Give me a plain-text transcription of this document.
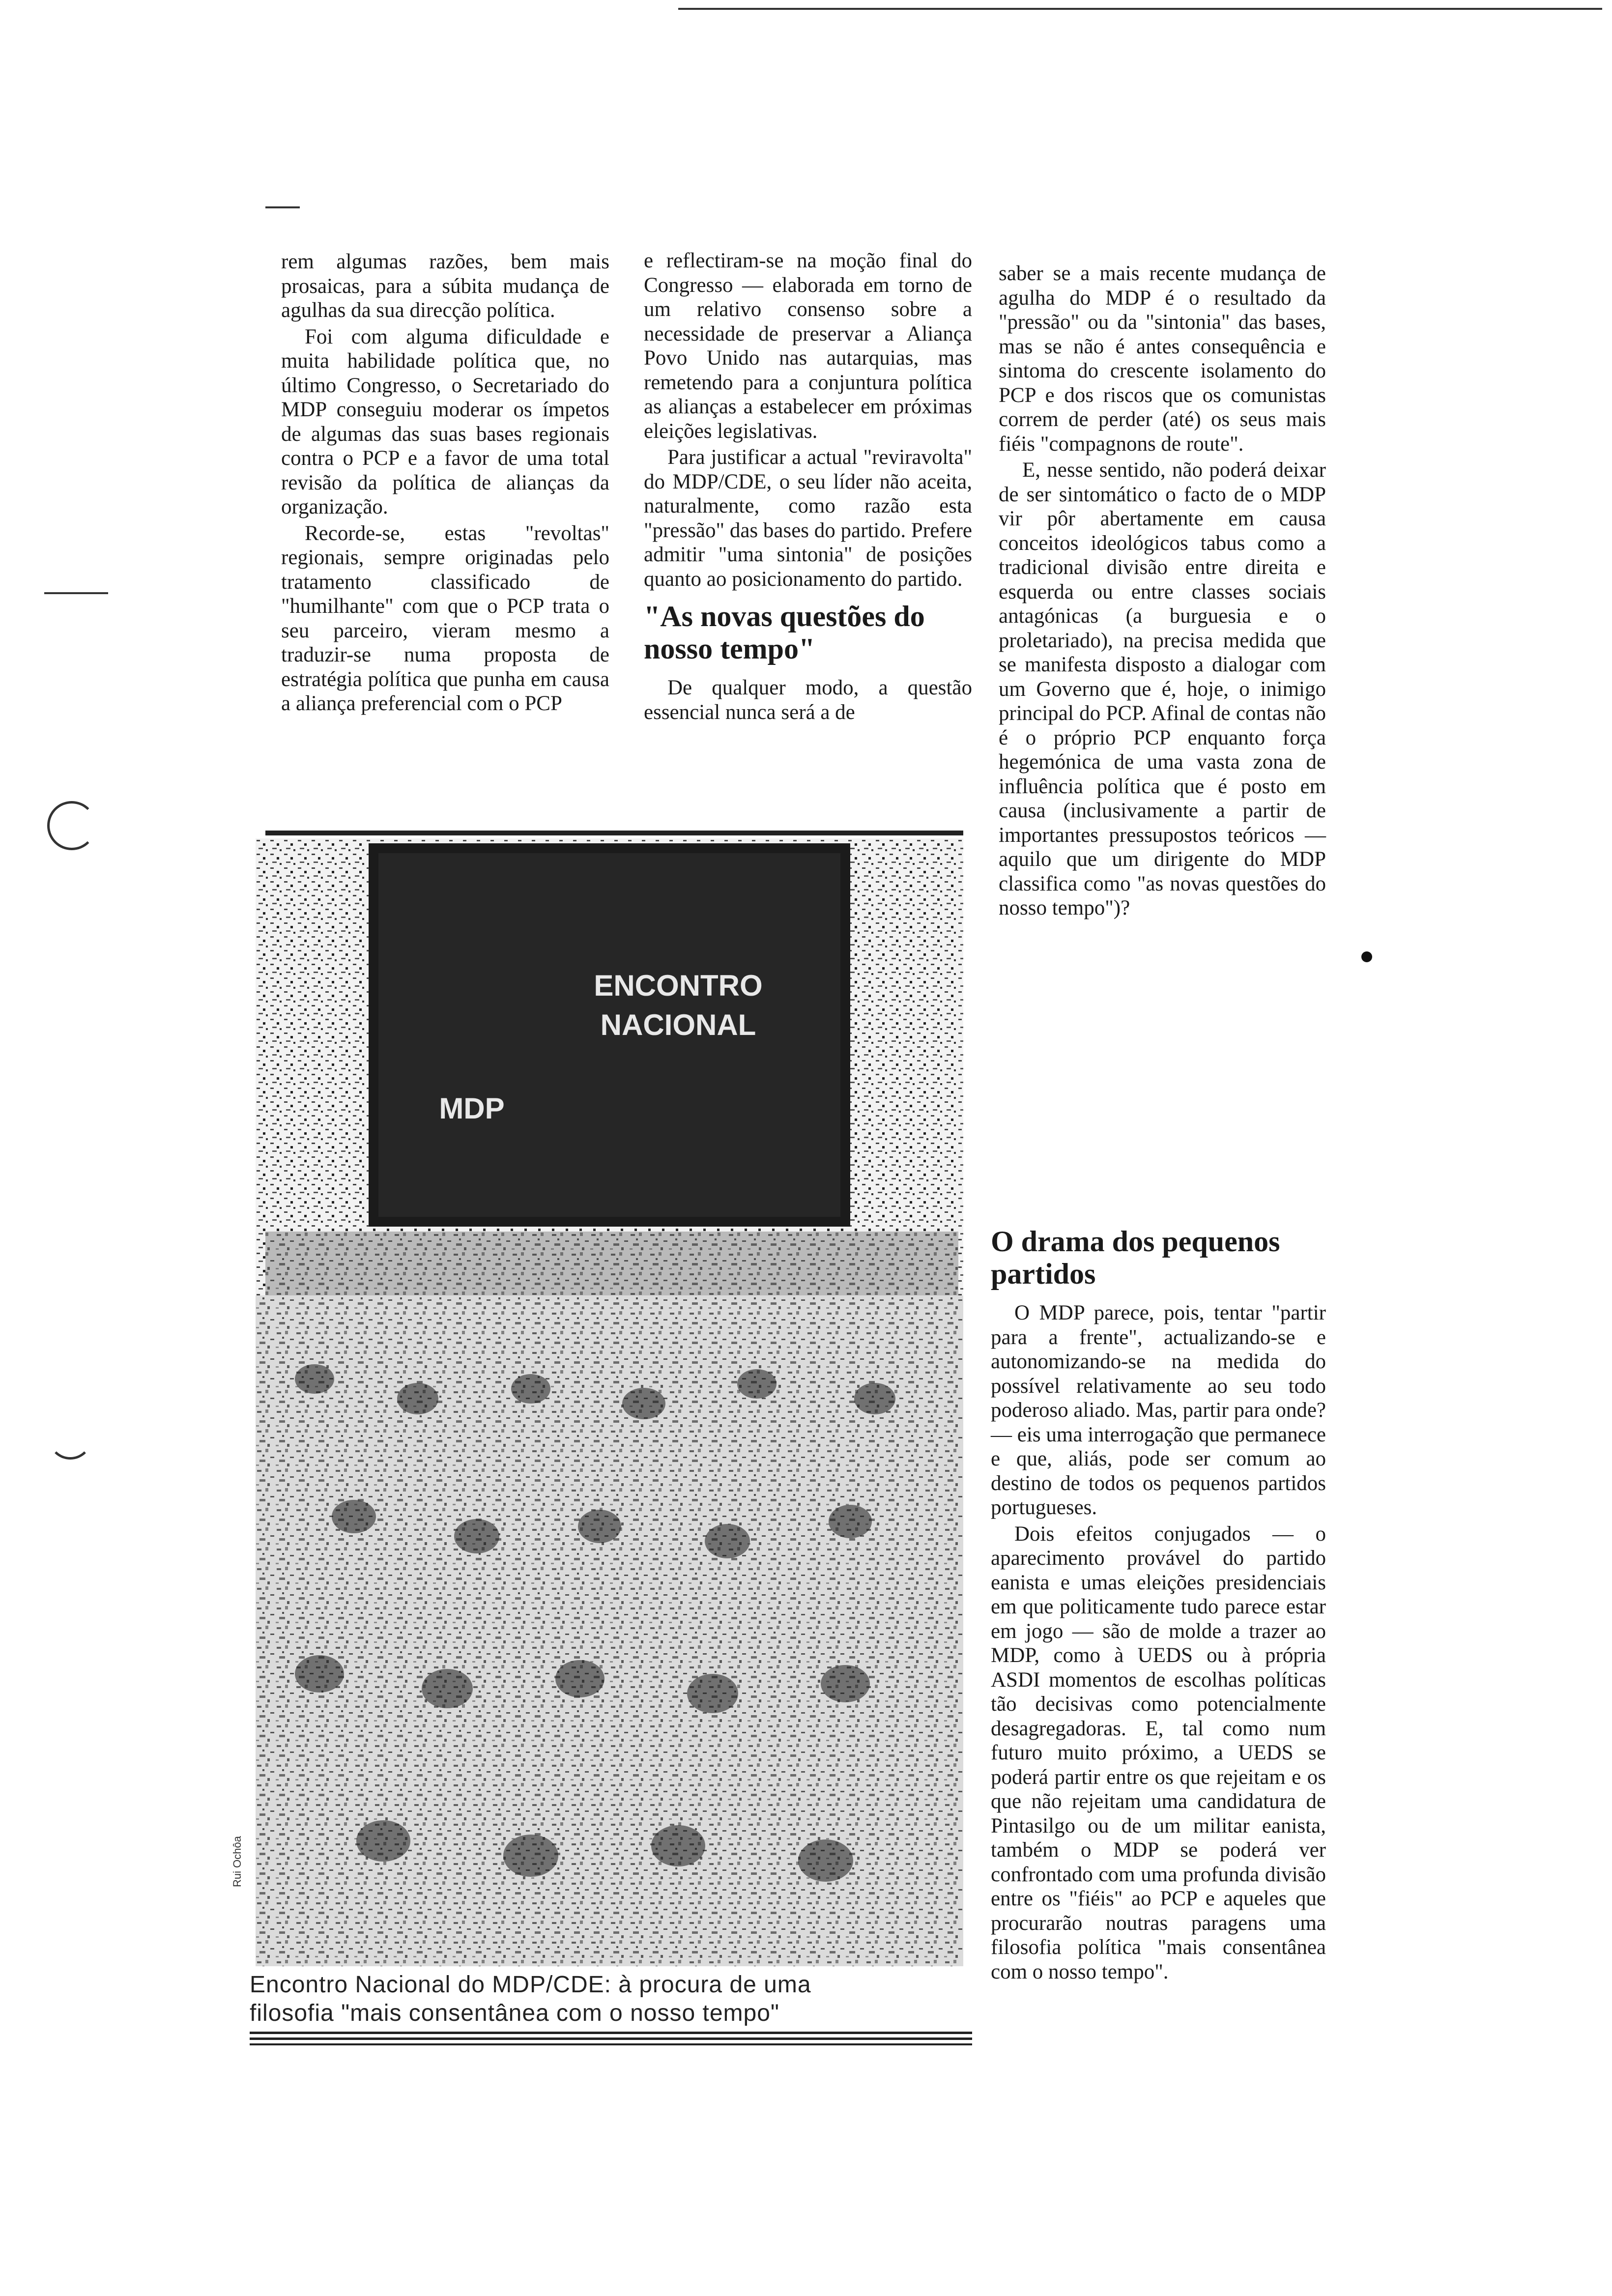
rem algumas razões, bem mais prosaicas, para a súbita mudança de agulhas da sua direcção política.

Foi com alguma dificuldade e muita habilidade política que, no último Congresso, o Secretariado do MDP conseguiu moderar os ímpetos de algumas das suas bases regionais contra o PCP e a favor de uma total revisão da política de alianças da organização.

Recorde-se, estas "revoltas" regionais, sempre originadas pelo tratamento classificado de "humilhante" com que o PCP trata o seu parceiro, vieram mesmo a traduzir-se numa proposta de estratégia política que punha em causa a aliança preferencial com o PCP

e reflectiram-se na moção final do Congresso — elaborada em torno de um relativo consenso sobre a necessidade de preservar a Aliança Povo Unido nas autarquias, mas remetendo para a conjuntura política as alianças a estabelecer em próximas eleições legislativas.

Para justificar a actual "reviravolta" do MDP/CDE, o seu líder não aceita, naturalmente, como razão esta "pressão" das bases do partido. Prefere admitir "uma sintonia" de posições quanto ao posicionamento do partido.

"As novas questões do nosso tempo"

De qualquer modo, a questão essencial nunca será a de

saber se a mais recente mudança de agulha do MDP é o resultado da "pressão" ou da "sintonia" das bases, mas se não é antes consequência e sintoma do crescente isolamento do PCP e dos riscos que os comunistas correm de perder (até) os seus mais fiéis "compagnons de route".

E, nesse sentido, não poderá deixar de ser sintomático o facto de o MDP vir pôr abertamente em causa conceitos ideológicos tabus como a tradicional divisão entre direita e esquerda ou entre classes sociais antagónicas (a burguesia e o proletariado), na precisa medida que se manifesta disposto a dialogar com um Governo que é, hoje, o inimigo principal do PCP. Afinal de contas não é o próprio PCP enquanto força hegemónica de uma vasta zona de influência política que é posto em causa (inclusivamente a partir de importantes pressupostos teóricos — aquilo que um dirigente do MDP classifica como "as novas questões do nosso tempo")?

O drama dos pequenos partidos

O MDP parece, pois, tentar "partir para a frente", actualizando-se e autonomizando-se na medida do possível relativamente ao seu todo poderoso aliado. Mas, partir para onde? — eis uma interrogação que permanece e que, aliás, pode ser comum ao destino de todos os pequenos partidos portugueses.

Dois efeitos conjugados — o aparecimento provável do partido eanista e umas eleições presidenciais em que politicamente tudo parece estar em jogo — são de molde a trazer ao MDP, como à UEDS ou à própria ASDI momentos de escolhas políticas tão decisivas como potencialmente desagregadoras. E, tal como num futuro muito próximo, a UEDS se poderá partir entre os que rejeitam e os que não rejeitam uma candidatura de Pintasilgo ou de um militar eanista, também o MDP se poderá ver confrontado com uma profunda divisão entre os "fiéis" ao PCP e aqueles que procurarão noutras paragens uma filosofia política "mais consentânea com o nosso tempo".

ENCONTRO
NACIONAL
MDP
Rui Ochôa
Encontro Nacional do MDP/CDE: à procura de uma
filosofia "mais consentânea com o nosso tempo"
